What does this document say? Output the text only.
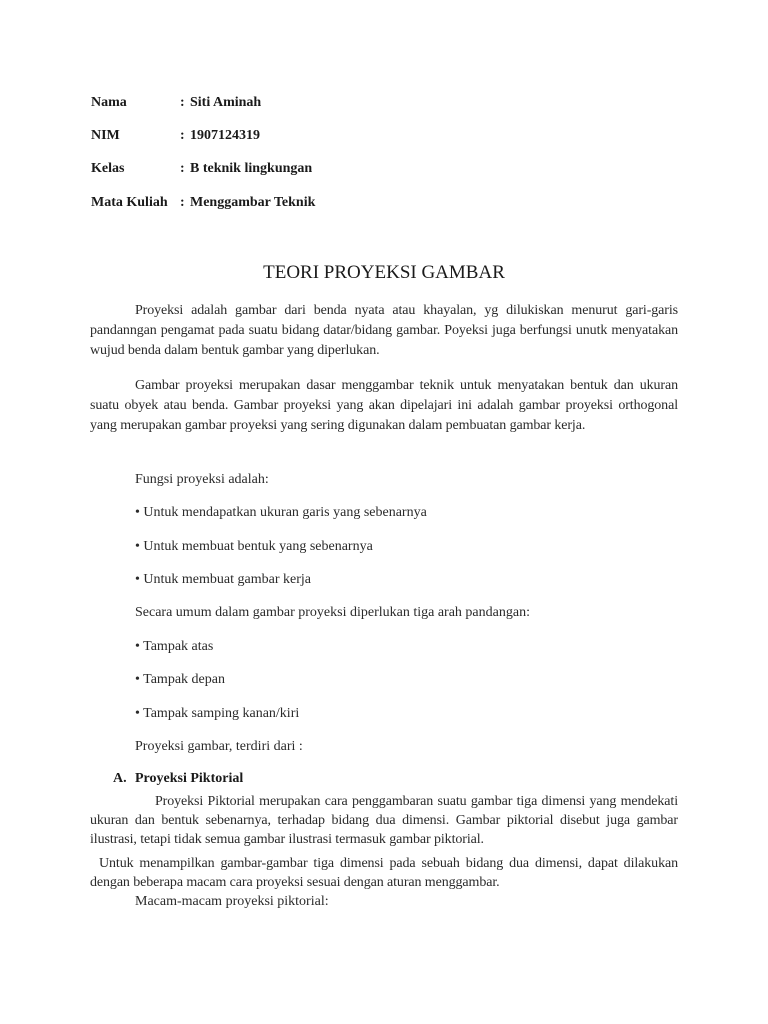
Nama	: Siti Aminah
NIM	: 1907124319
Kelas	: B teknik lingkungan
Mata Kuliah : Menggambar Teknik
TEORI PROYEKSI GAMBAR
Proyeksi adalah gambar dari benda nyata atau khayalan, yg dilukiskan menurut gari-garis pandanngan pengamat pada suatu bidang datar/bidang gambar. Poyeksi juga berfungsi unutk menyatakan wujud benda dalam bentuk gambar yang diperlukan.
Gambar proyeksi merupakan dasar menggambar teknik untuk menyatakan bentuk dan ukuran suatu obyek atau benda. Gambar proyeksi yang akan dipelajari ini adalah gambar proyeksi orthogonal yang merupakan gambar proyeksi yang sering digunakan dalam pembuatan gambar kerja.
Fungsi proyeksi adalah:
• Untuk mendapatkan ukuran garis yang sebenarnya
• Untuk membuat bentuk yang sebenarnya
• Untuk membuat gambar kerja
Secara umum dalam gambar proyeksi diperlukan tiga arah pandangan:
• Tampak atas
• Tampak depan
• Tampak samping kanan/kiri
Proyeksi gambar, terdiri dari :
A. Proyeksi Piktorial
Proyeksi Piktorial merupakan cara penggambaran suatu gambar tiga dimensi yang mendekati ukuran dan bentuk sebenarnya, terhadap bidang dua dimensi. Gambar piktorial disebut juga gambar ilustrasi, tetapi tidak semua gambar ilustrasi termasuk gambar piktorial.
Untuk menampilkan gambar-gambar tiga dimensi pada sebuah bidang dua dimensi, dapat dilakukan dengan beberapa macam cara proyeksi sesuai dengan aturan menggambar.
Macam-macam proyeksi piktorial:
